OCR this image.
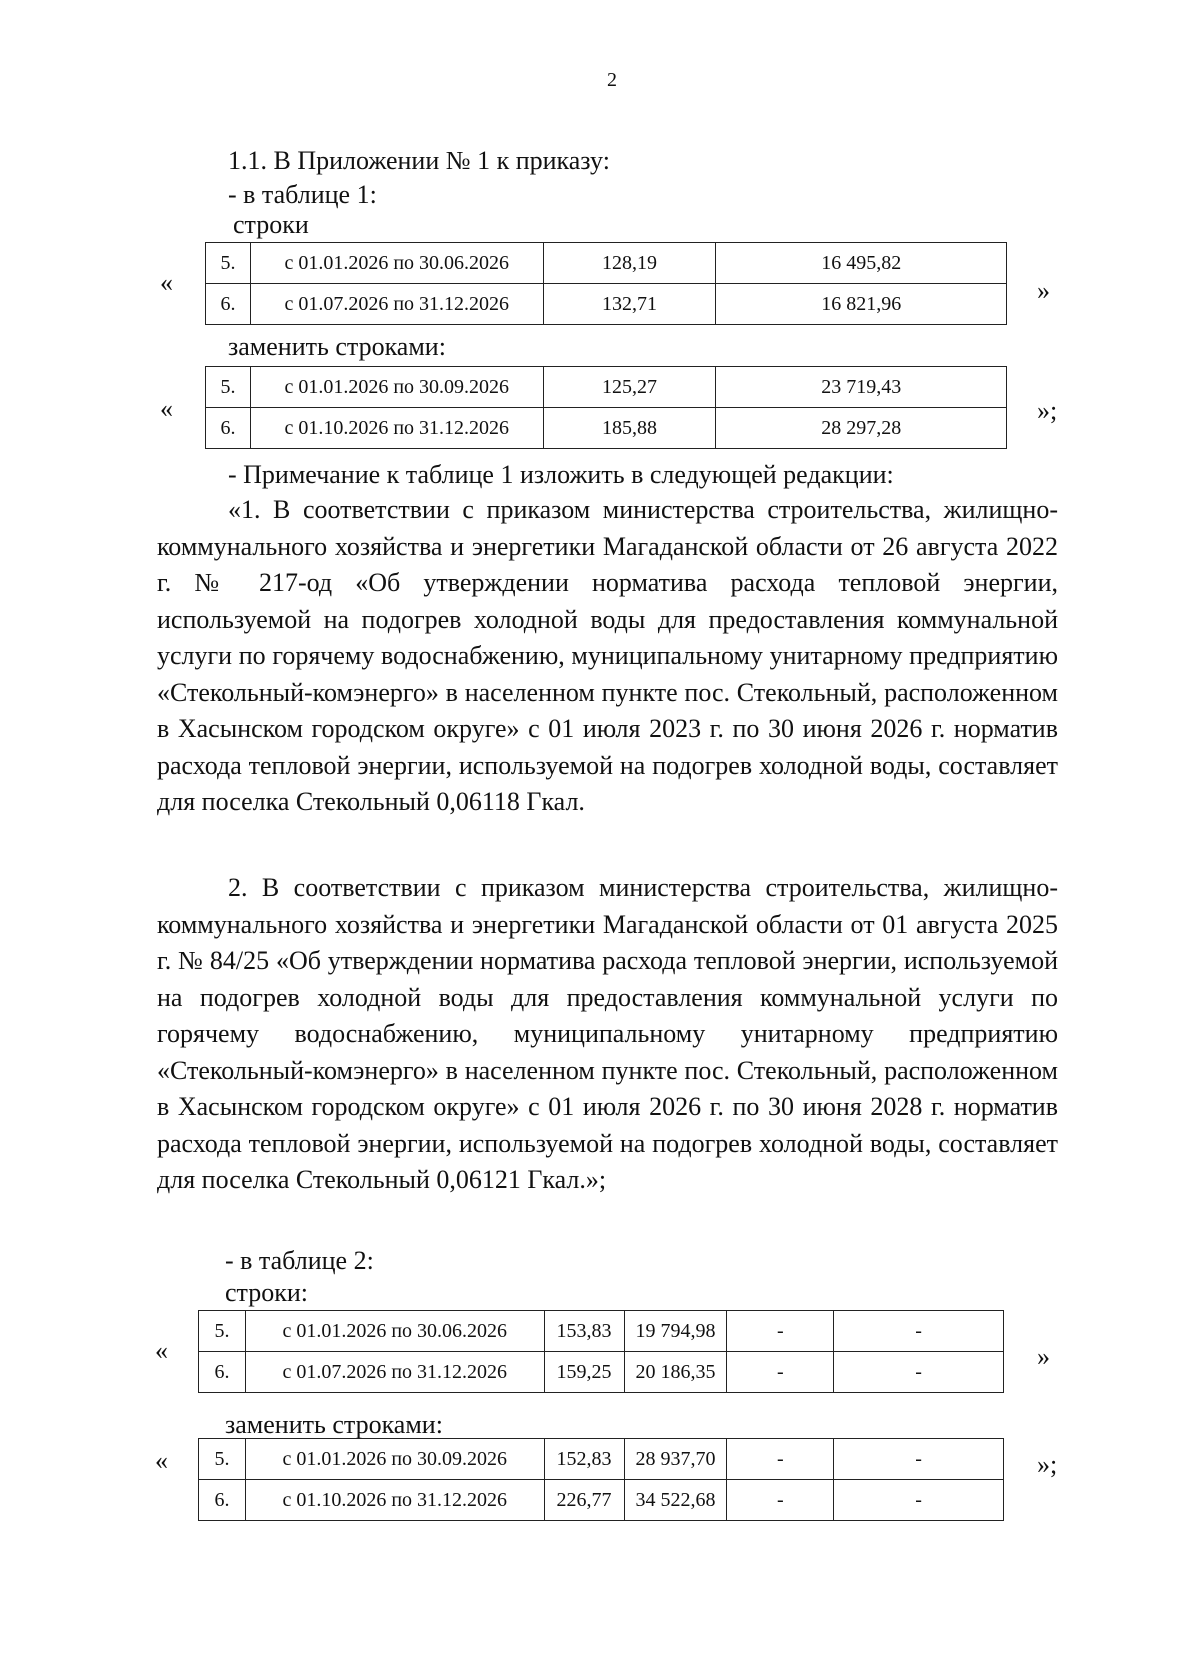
2
1.1. В Приложении № 1 к приказу:
- в таблице 1:
строки
«
5.	с 01.01.2026 по 30.06.2026	128,19	16 495,82
6.	с 01.07.2026 по 31.12.2026	132,71	16 821,96	»
заменить строками:
«
5.	с 01.01.2026 по 30.09.2026	125,27	23 719,43
6.	с 01.10.2026 по 31.12.2026	185,88	28 297,28
»;
- Примечание к таблице 1 изложить в следующей редакции:
«1. В соответствии с приказом министерства строительства, жилищно-коммунального хозяйства и энергетики Магаданской области от 26 августа 2022 г. № 217-од «Об утверждении норматива расхода тепловой энергии, используемой на подогрев холодной воды для предоставления коммунальной услуги по горячему водоснабжению, муниципальному унитарному предприятию «Стекольный-комэнерго» в населенном пункте пос. Стекольный, расположенном в Хасынском городском округе» с 01 июля 2023 г. по 30 июня 2026 г. норматив расхода тепловой энергии, используемой на подогрев холодной воды, составляет для поселка Стекольный 0,06118 Гкал.
2. В соответствии с приказом министерства строительства, жилищно-коммунального хозяйства и энергетики Магаданской области от 01 августа 2025 г. № 84/25 «Об утверждении норматива расхода тепловой энергии, используемой на подогрев холодной воды для предоставления коммунальной услуги по горячему водоснабжению, муниципальному унитарному предприятию «Стекольный-комэнерго» в населенном пункте пос. Стекольный, расположенном в Хасынском городском округе» с 01 июля 2026 г. по 30 июня 2028 г. норматив расхода тепловой энергии, используемой на подогрев холодной воды, составляет для поселка Стекольный 0,06121 Гкал.»;
- в таблице 2:
строки:
«
5.	с 01.01.2026 по 30.06.2026	153,83	19 794,98	-	-
6.	с 01.07.2026 по 31.12.2026	159,25	20 186,35	-	-
»
заменить строками:
« 5.	с 01.01.2026 по 30.09.2026	152,83	28 937,70	-	-
6.	с 01.10.2026 по 31.12.2026	226,77	34 522,68	-	-
»;
